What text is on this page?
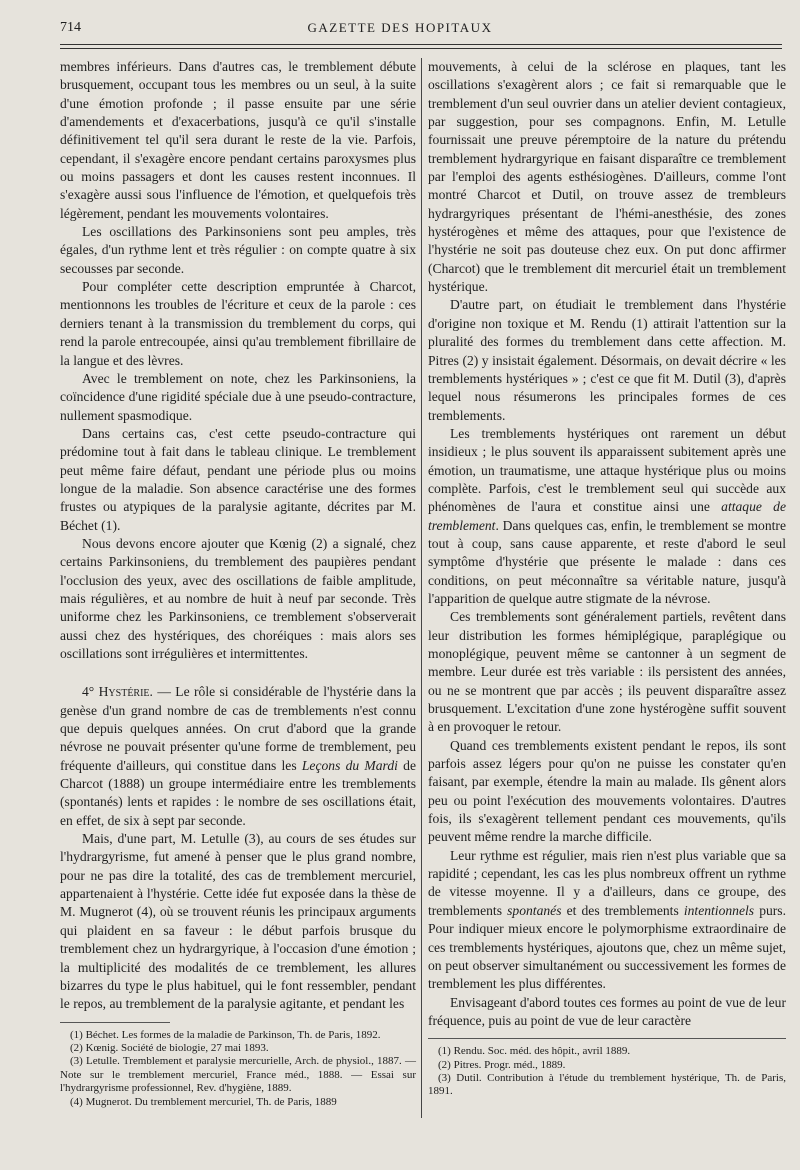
714	GAZETTE DES HOPITAUX

membres inférieurs. Dans d'autres cas, le tremblement débute brusquement, occupant tous les membres ou un seul, à la suite d'une émotion profonde ; il passe ensuite par une série d'amendements et d'exacerbations, jusqu'à ce qu'il s'installe définitivement tel qu'il sera durant le reste de la vie. Parfois, cependant, il s'exagère encore pendant certains paroxysmes plus ou moins passagers et dont les causes restent inconnues. Il s'exagère aussi sous l'influence de l'émotion, et quelquefois très légèrement, pendant les mouvements volontaires.

Les oscillations des Parkinsoniens sont peu amples, très égales, d'un rythme lent et très régulier : on compte quatre à six secousses par seconde.

Pour compléter cette description empruntée à Charcot, mentionnons les troubles de l'écriture et ceux de la parole : ces derniers tenant à la transmission du tremblement du corps, qui rend la parole entrecoupée, ainsi qu'au tremblement fibrillaire de la langue et des lèvres.

Avec le tremblement on note, chez les Parkinsoniens, la coïncidence d'une rigidité spéciale due à une pseudo-contracture, nullement spasmodique.

Dans certains cas, c'est cette pseudo-contracture qui prédomine tout à fait dans le tableau clinique. Le tremblement peut même faire défaut, pendant une période plus ou moins longue de la maladie. Son absence caractérise une des formes frustes ou atypiques de la paralysie agitante, décrites par M. Béchet (1).

Nous devons encore ajouter que Kœnig (2) a signalé, chez certains Parkinsoniens, du tremblement des paupières pendant l'occlusion des yeux, avec des oscillations de faible amplitude, mais régulières, et au nombre de huit à neuf par seconde. Très uniforme chez les Parkinsoniens, ce tremblement s'observerait aussi chez des hystériques, des choréiques : mais alors ses oscillations sont irrégulières et intermittentes.

4° Hystérie. — Le rôle si considérable de l'hystérie dans la genèse d'un grand nombre de cas de tremblements n'est connu que depuis quelques années. On crut d'abord que la grande névrose ne pouvait présenter qu'une forme de tremblement, peu fréquente d'ailleurs, qui constitue dans les Leçons du Mardi de Charcot (1888) un groupe intermédiaire entre les tremblements (spontanés) lents et rapides : le nombre de ses oscillations était, en effet, de six à sept par seconde.

Mais, d'une part, M. Letulle (3), au cours de ses études sur l'hydrargyrisme, fut amené à penser que le plus grand nombre, pour ne pas dire la totalité, des cas de tremblement mercuriel, appartenaient à l'hystérie. Cette idée fut exposée dans la thèse de M. Mugnerot (4), où se trouvent réunis les principaux arguments qui plaident en sa faveur : le début parfois brusque du tremblement chez un hydrargyrique, à l'occasion d'une émotion ; la multiplicité des modalités de ce tremblement, les allures bizarres du type le plus habituel, qui le font ressembler, pendant le repos, au tremblement de la paralysie agitante, et pendant les

(1) Béchet. Les formes de la maladie de Parkinson, Th. de Paris, 1892.

(2) Kœnig. Société de biologie, 27 mai 1893.

(3) Letulle. Tremblement et paralysie mercurielle, Arch. de physiol., 1887. — Note sur le tremblement mercuriel, France méd., 1888. — Essai sur l'hydrargyrisme professionnel, Rev. d'hygiène, 1889.

(4) Mugnerot. Du tremblement mercuriel, Th. de Paris, 1889

mouvements, à celui de la sclérose en plaques, tant les oscillations s'exagèrent alors ; ce fait si remarquable que le tremblement d'un seul ouvrier dans un atelier devient contagieux, par suggestion, pour ses compagnons. Enfin, M. Letulle fournissait une preuve péremptoire de la nature du prétendu tremblement hydrargyrique en faisant disparaître ce tremblement par l'emploi des agents esthésiogènes. D'ailleurs, comme l'ont montré Charcot et Dutil, on trouve assez de trembleurs hydrargyriques présentant de l'hémi-anesthésie, des zones hystérogènes et même des attaques, pour que l'existence de l'hystérie ne soit pas douteuse chez eux. On put donc affirmer (Charcot) que le tremblement dit mercuriel était un tremblement hystérique.

D'autre part, on étudiait le tremblement dans l'hystérie d'origine non toxique et M. Rendu (1) attirait l'attention sur la pluralité des formes du tremblement dans cette affection. M. Pitres (2) y insistait également. Désormais, on devait décrire « les tremblements hystériques » ; c'est ce que fit M. Dutil (3), d'après lequel nous résumerons les principales formes de ces tremblements.

Les tremblements hystériques ont rarement un début insidieux ; le plus souvent ils apparaissent subitement après une émotion, un traumatisme, une attaque hystérique plus ou moins complète. Parfois, c'est le tremblement seul qui succède aux phénomènes de l'aura et constitue ainsi une attaque de tremblement. Dans quelques cas, enfin, le tremblement se montre tout à coup, sans cause apparente, et reste d'abord le seul symptôme d'hystérie que présente le malade : dans ces conditions, on peut méconnaître sa véritable nature, jusqu'à l'apparition de quelque autre stigmate de la névrose.

Ces tremblements sont généralement partiels, revêtent dans leur distribution les formes hémiplégique, paraplégique ou monoplégique, peuvent même se cantonner à un segment de membre. Leur durée est très variable : ils persistent des années, ou ne se montrent que par accès ; ils peuvent disparaître assez brusquement. L'excitation d'une zone hystérogène suffit souvent à en provoquer le retour.

Quand ces tremblements existent pendant le repos, ils sont parfois assez légers pour qu'on ne puisse les constater qu'en faisant, par exemple, étendre la main au malade. Ils gênent alors peu ou point l'exécution des mouvements volontaires. D'autres fois, ils s'exagèrent tellement pendant ces mouvements, qu'ils peuvent même rendre la marche difficile.

Leur rythme est régulier, mais rien n'est plus variable que sa rapidité ; cependant, les cas les plus nombreux offrent un rythme de vitesse moyenne. Il y a d'ailleurs, dans ce groupe, des tremblements spontanés et des tremblements intentionnels purs. Pour indiquer mieux encore le polymorphisme extraordinaire de ces tremblements hystériques, ajoutons que, chez un même sujet, on peut observer simultanément ou successivement les formes de tremblement les plus différentes.

Envisageant d'abord toutes ces formes au point de vue de leur fréquence, puis au point de vue de leur caractère

(1) Rendu. Soc. méd. des hôpit., avril 1889.

(2) Pitres. Progr. méd., 1889.

(3) Dutil. Contribution à l'étude du tremblement hystérique, Th. de Paris, 1891.
